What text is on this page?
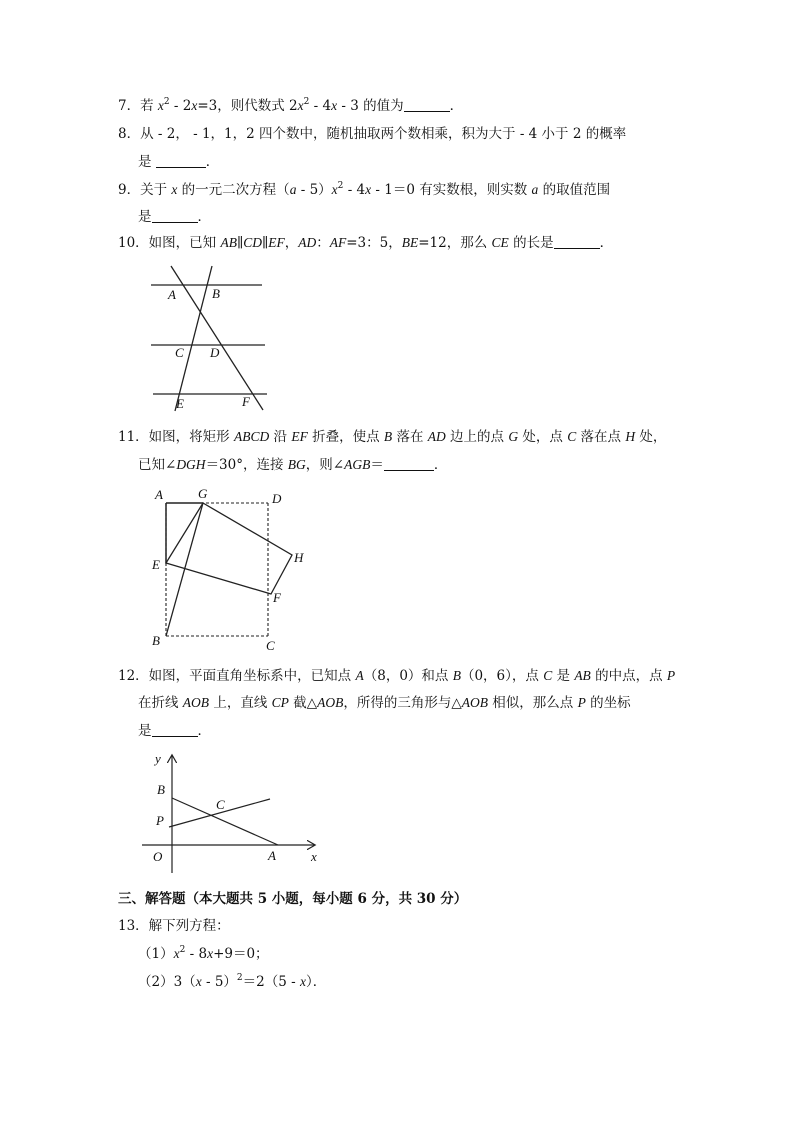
7．若 $x^2 - 2x=3$，则代数式 $2x^2 - 4x - 3$ 的值为	．
8．从 - 2， - 1，1，2 四个数中，随机抽取两个数相乘，积为大于 - 4 小于 2 的概率
是	．
9．关于 x 的一元二次方程$(a - 5)x^2 - 4x - 1=0$ 有实数根，则实数 a 的取值范围
是	．
10．如图，已知 AB∥CD∥EF，AD：AF=3：5，BE=12，那么 CE 的长是	．
A	B
C D
E	F
11．如图，将矩形 ABCD 沿 EF 折叠，使点 B 落在 AD 边上的点 G 处，点 C 落在点 H 处，
已知∠DGH＝30°，连接 BG，则∠AGB＝	．
A	G	D
E	H
F
B	C
12．如图，平面直角坐标系中，已知点 A（8，0）和点 B（0，6），点 C 是 AB 的中点，点 P
在折线 AOB 上，直线 CP 截△AOB，所得的三角形与△AOB 相似，那么点 P 的坐标
是	．
y
B
C
P
O	A	x
三、解答题（本大题共 5 小题，每小题 6 分，共 30 分）
13．解下列方程：
$(1)x^2 - 8x+9=0$；
（2）3（x - 5）$^2$＝2（5 - x）．
